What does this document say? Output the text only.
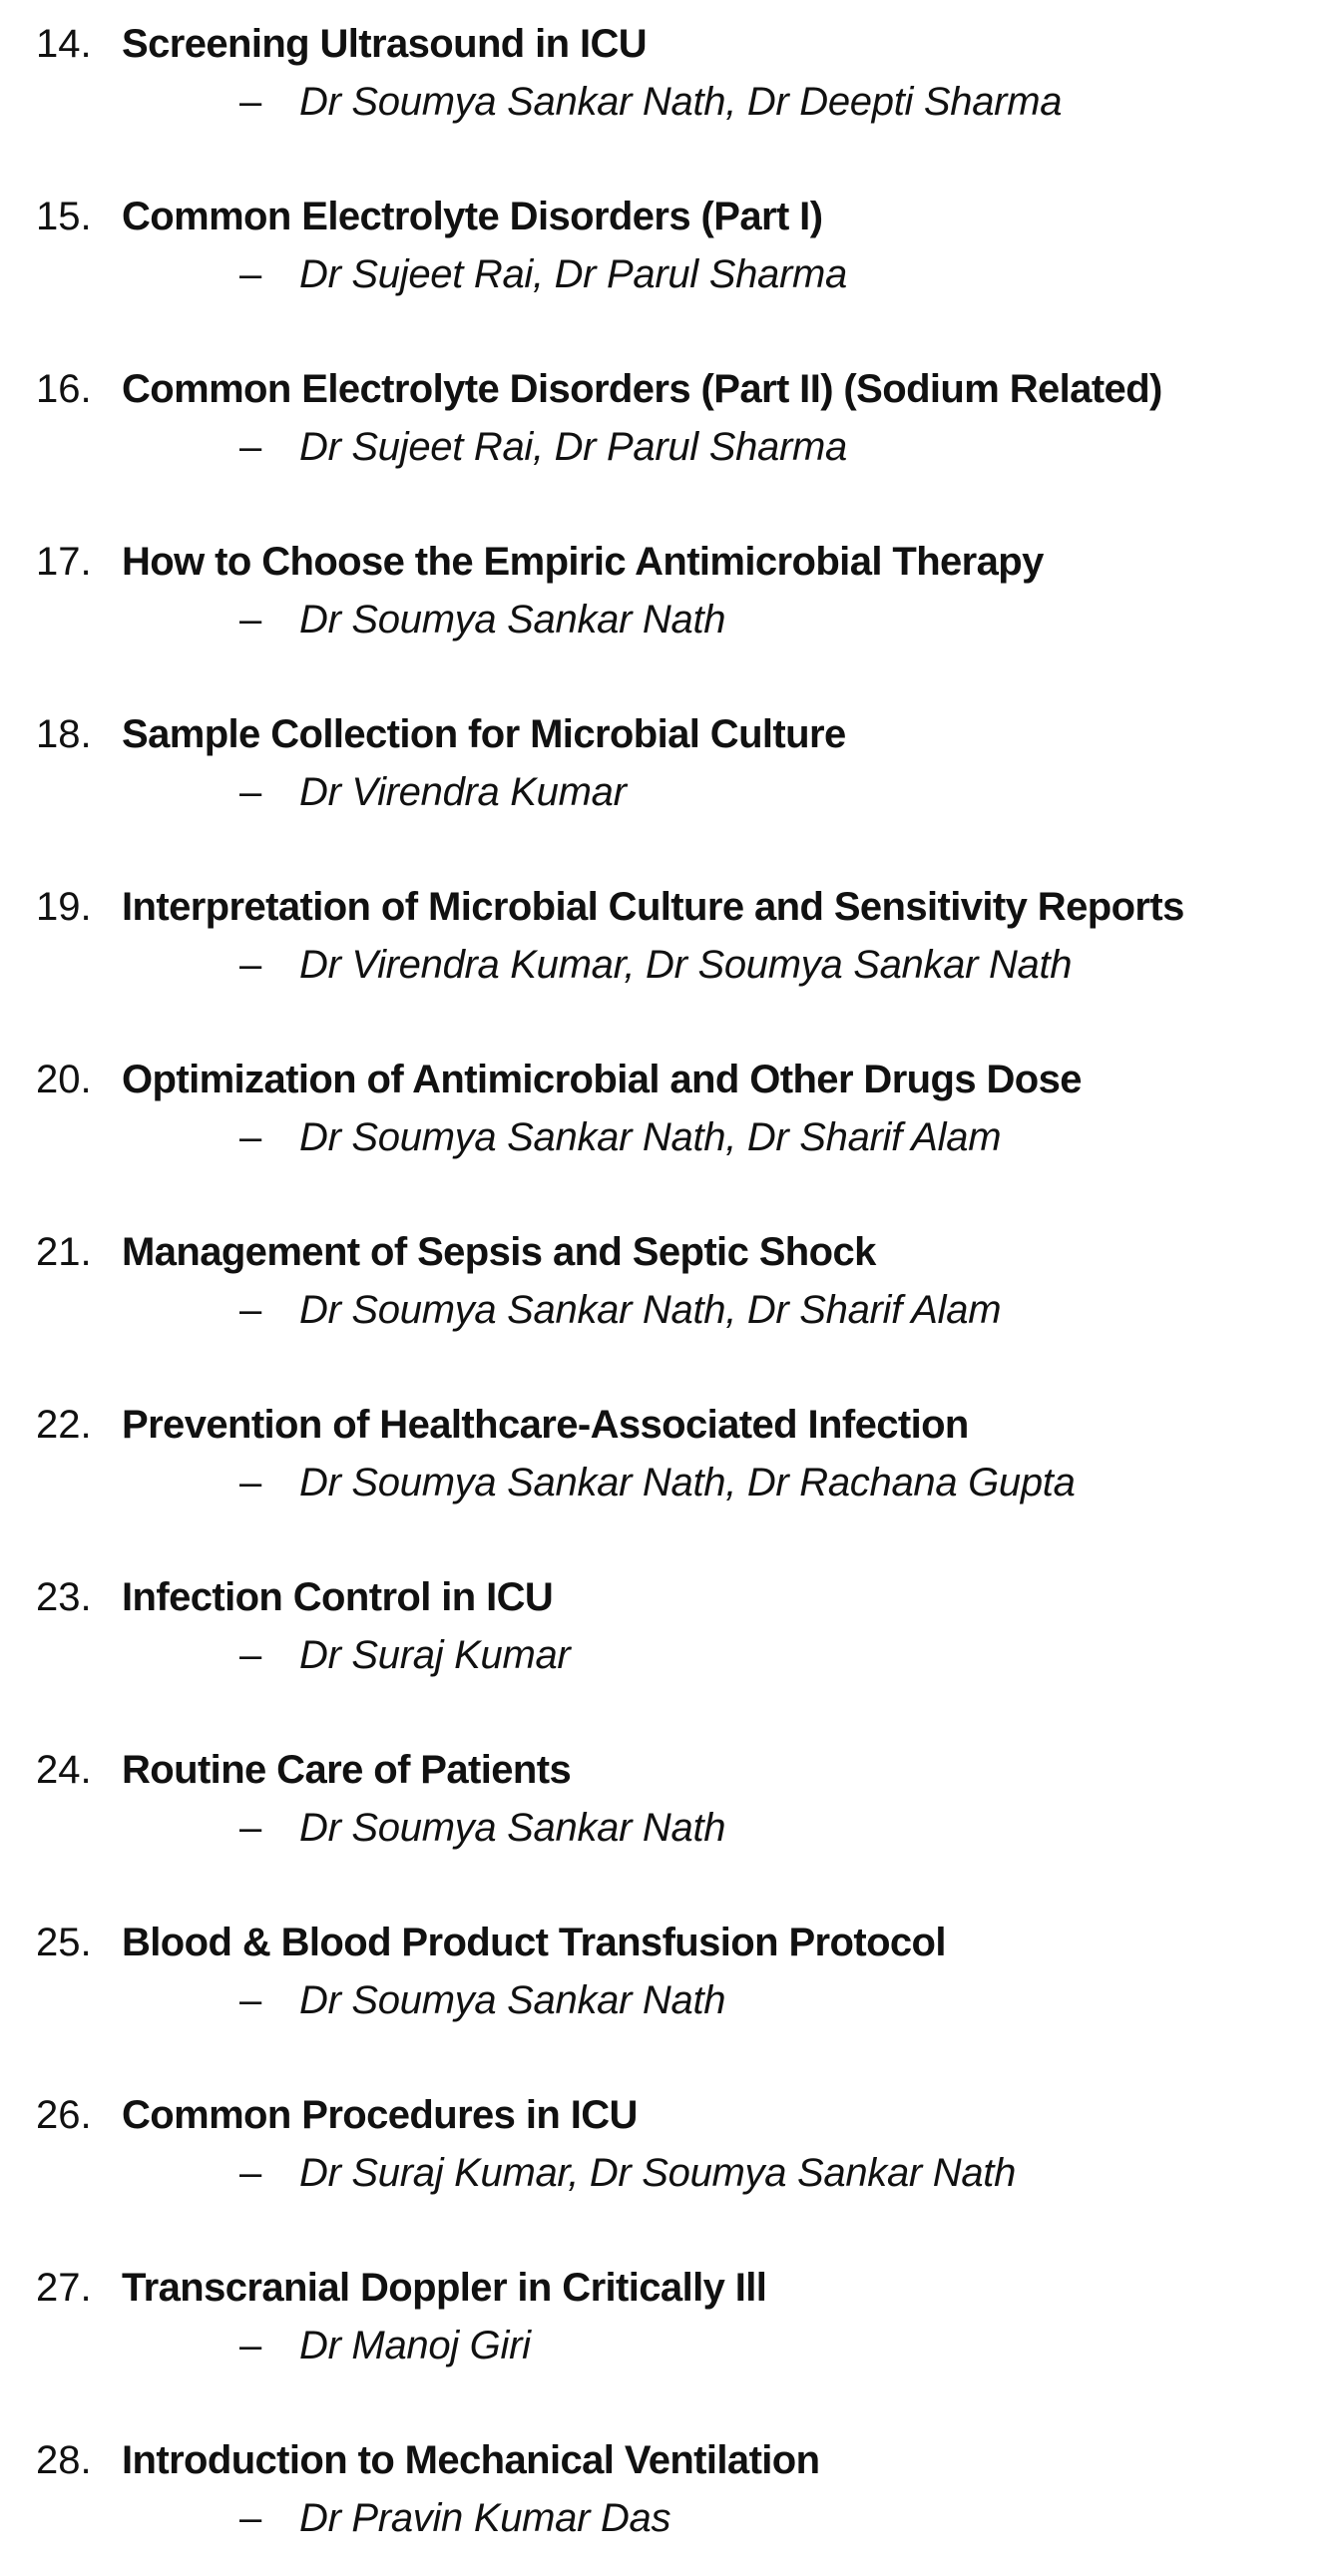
14. Screening Ultrasound in ICU
– Dr Soumya Sankar Nath, Dr Deepti Sharma
15. Common Electrolyte Disorders (Part I)
– Dr Sujeet Rai, Dr Parul Sharma
16. Common Electrolyte Disorders (Part II) (Sodium Related)
– Dr Sujeet Rai, Dr Parul Sharma
17. How to Choose the Empiric Antimicrobial Therapy
– Dr Soumya Sankar Nath
18. Sample Collection for Microbial Culture
– Dr Virendra Kumar
19. Interpretation of Microbial Culture and Sensitivity Reports
– Dr Virendra Kumar, Dr Soumya Sankar Nath
20. Optimization of Antimicrobial and Other Drugs Dose
– Dr Soumya Sankar Nath, Dr Sharif Alam
21. Management of Sepsis and Septic Shock
– Dr Soumya Sankar Nath, Dr Sharif Alam
22. Prevention of Healthcare-Associated Infection
– Dr Soumya Sankar Nath, Dr Rachana Gupta
23. Infection Control in ICU
– Dr Suraj Kumar
24. Routine Care of Patients
– Dr Soumya Sankar Nath
25. Blood & Blood Product Transfusion Protocol
– Dr Soumya Sankar Nath
26. Common Procedures in ICU
– Dr Suraj Kumar, Dr Soumya Sankar Nath
27. Transcranial Doppler in Critically Ill
– Dr Manoj Giri
28. Introduction to Mechanical Ventilation
– Dr Pravin Kumar Das
